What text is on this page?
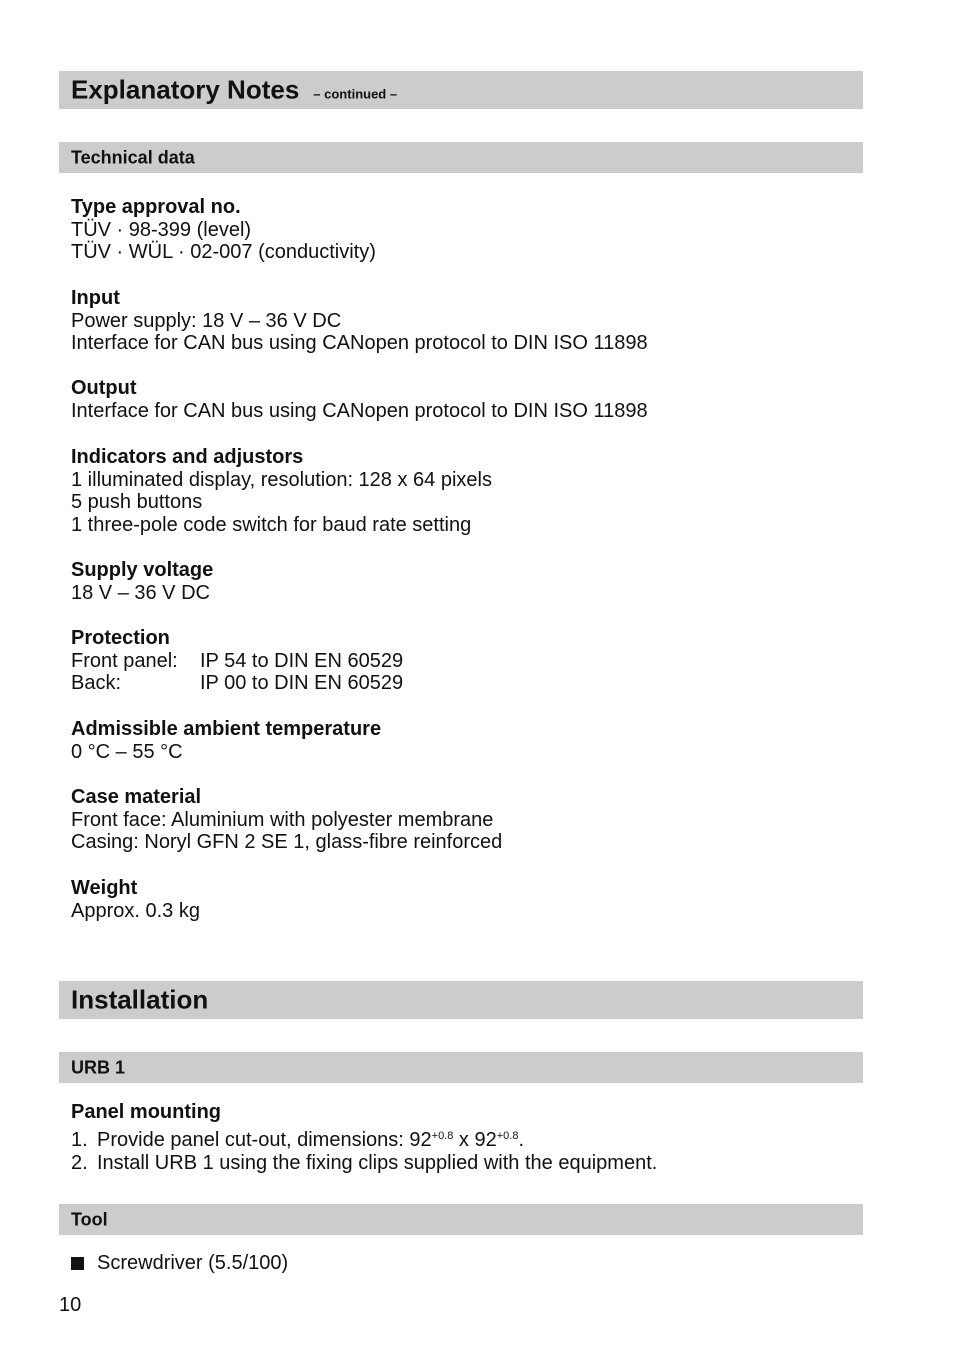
Explanatory Notes – continued –
Technical data
Type approval no.
TÜV · 98-399 (level)
TÜV · WÜL · 02-007 (conductivity)
Input
Power supply: 18 V – 36 V DC
Interface for CAN bus using CANopen protocol to DIN ISO 11898
Output
Interface for CAN bus using CANopen protocol to DIN ISO 11898
Indicators and adjustors
1 illuminated display, resolution: 128 x 64 pixels
5 push buttons
1 three-pole code switch for baud rate setting
Supply voltage
18 V – 36 V DC
Protection
Front panel:	IP 54 to DIN EN 60529
Back:	IP 00 to DIN EN 60529
Admissible ambient temperature
0 °C – 55 °C
Case material
Front face: Aluminium with polyester membrane
Casing: Noryl GFN 2 SE 1, glass-fibre reinforced
Weight
Approx. 0.3 kg
Installation
URB 1
Panel mounting
1. Provide panel cut-out, dimensions: $92^{+0.8}$ x $92^{+0.8}$.
2. Install URB 1 using the fixing clips supplied with the equipment.
Tool
Screwdriver (5.5/100)
10
